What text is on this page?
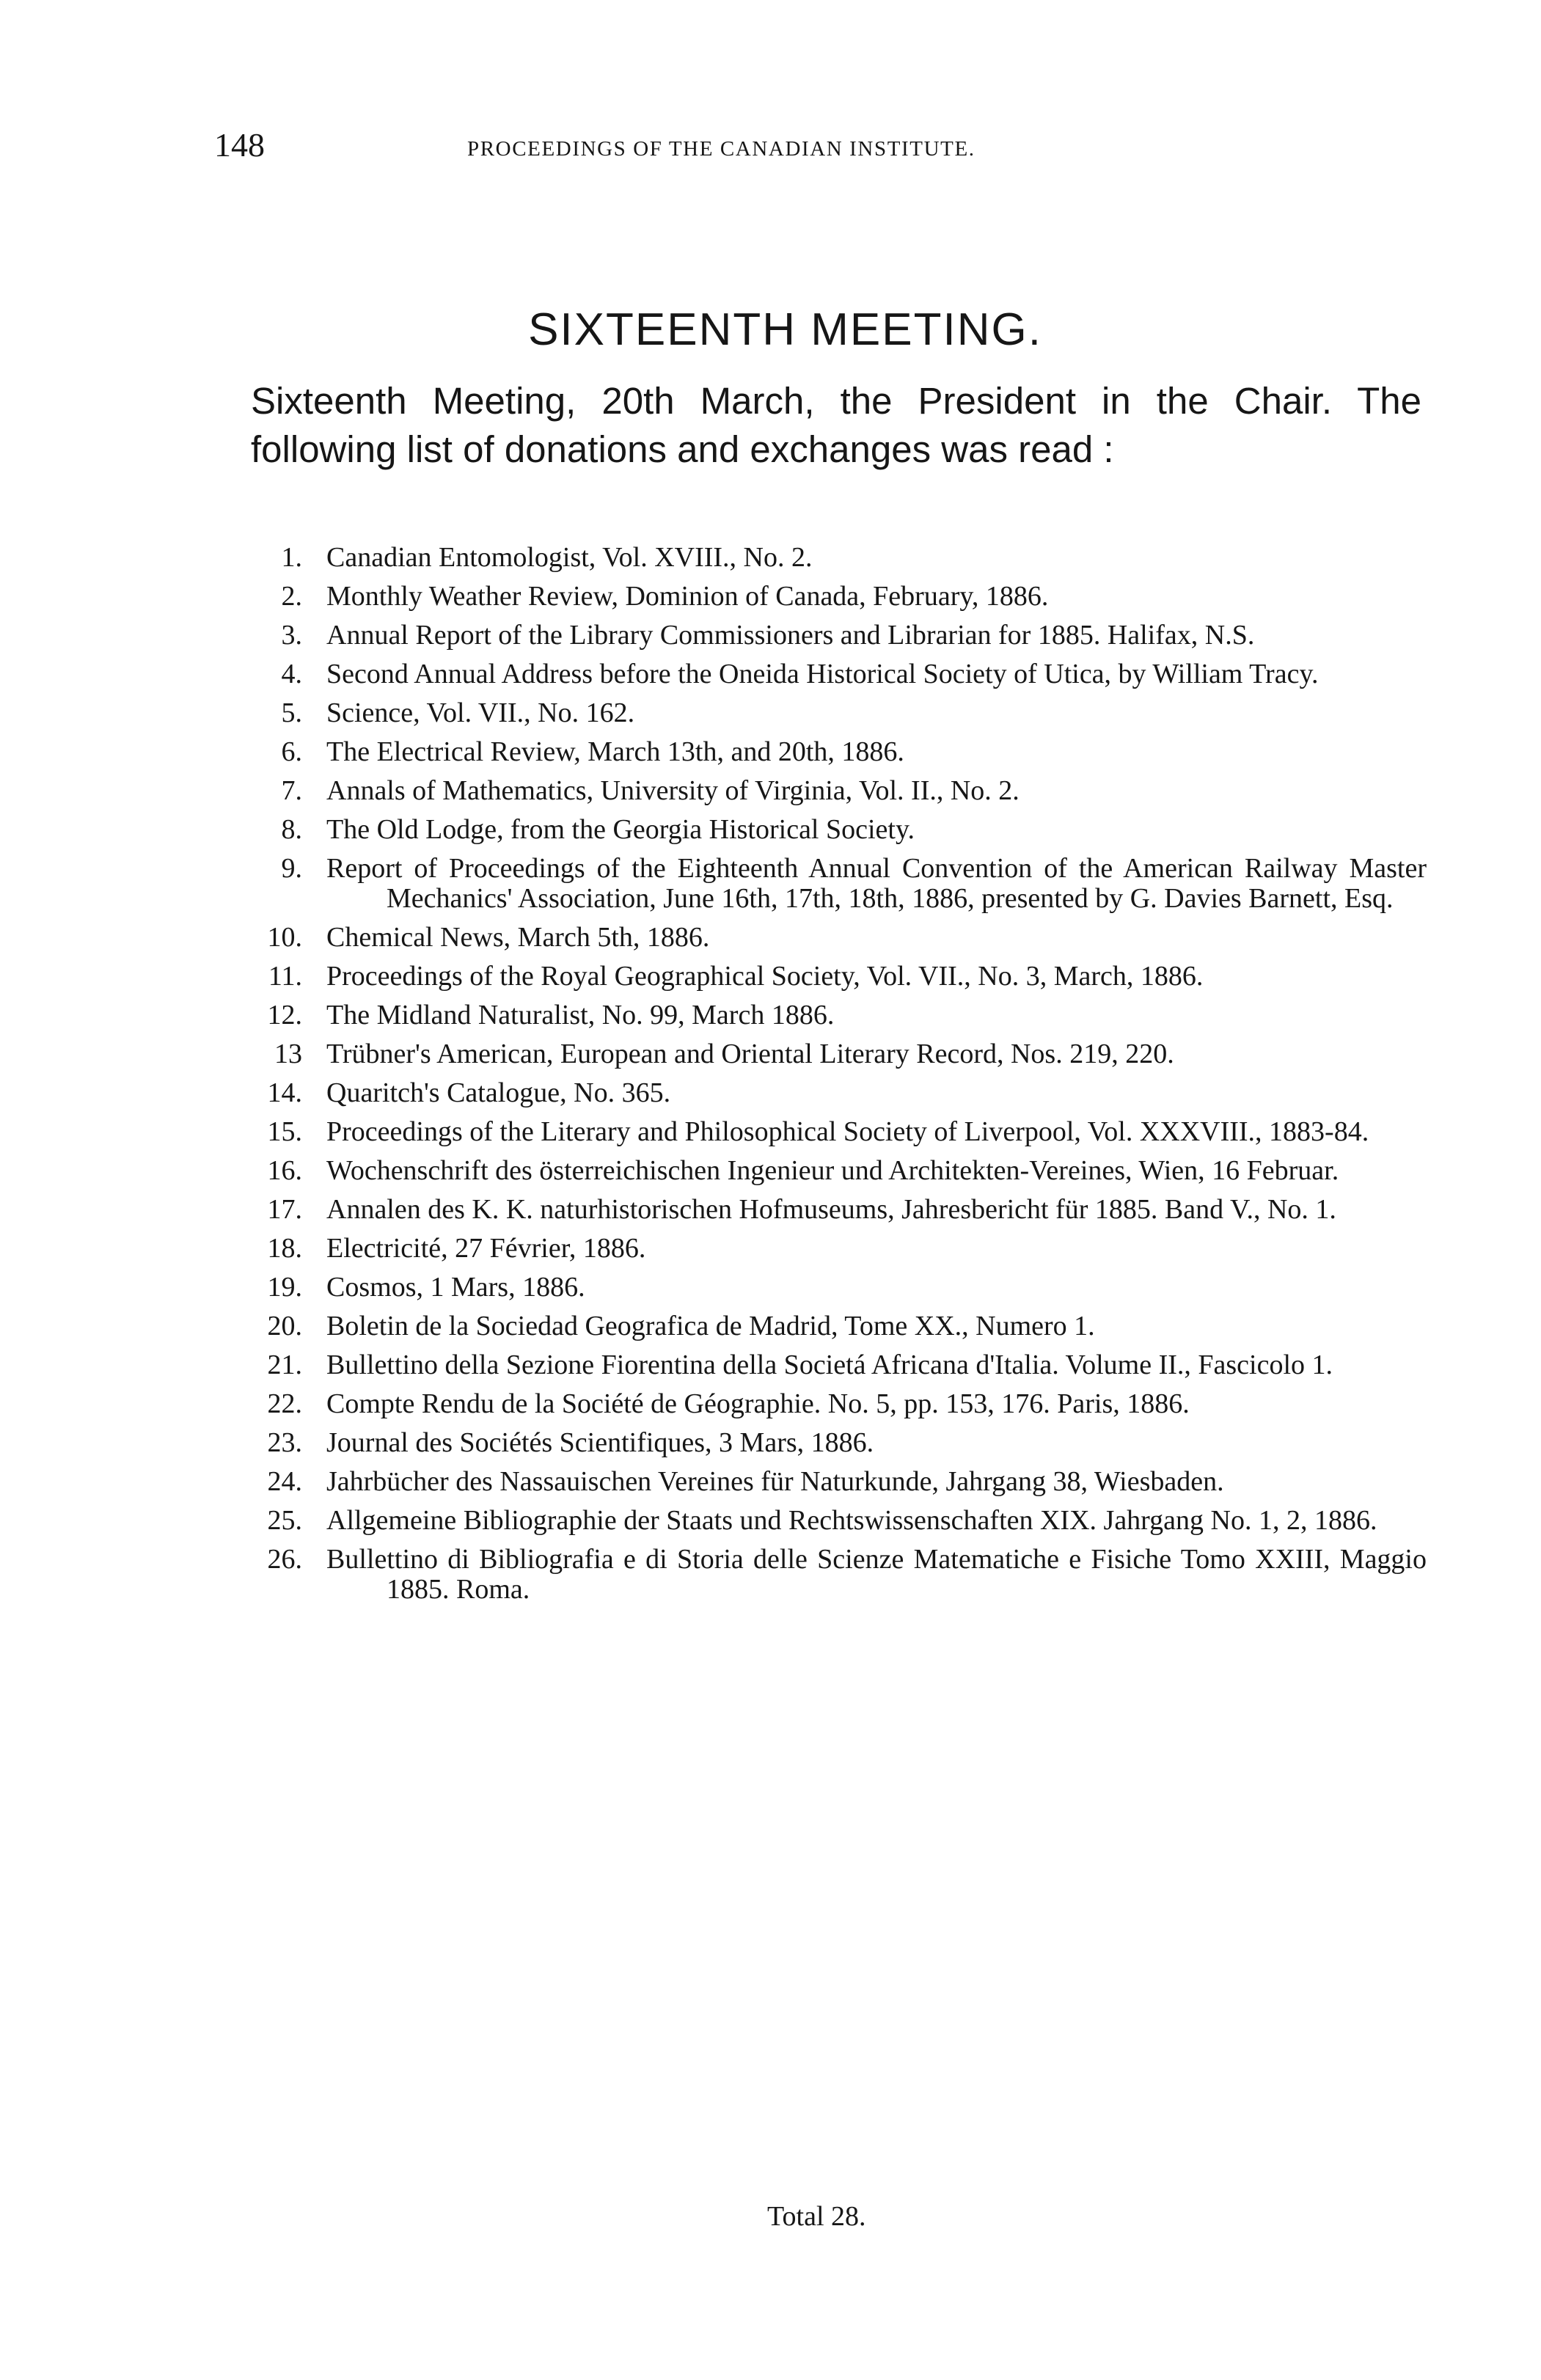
148	PROCEEDINGS OF THE CANADIAN INSTITUTE.
SIXTEENTH MEETING.
Sixteenth Meeting, 20th March, the President in the Chair. The following list of donations and exchanges was read :
1. Canadian Entomologist, Vol. XVIII., No. 2.
2. Monthly Weather Review, Dominion of Canada, February, 1886.
3. Annual Report of the Library Commissioners and Librarian for 1885. Halifax, N.S.
4. Second Annual Address before the Oneida Historical Society of Utica, by William Tracy.
5. Science, Vol. VII., No. 162.
6. The Electrical Review, March 13th, and 20th, 1886.
7. Annals of Mathematics, University of Virginia, Vol. II., No. 2.
8. The Old Lodge, from the Georgia Historical Society.
9. Report of Proceedings of the Eighteenth Annual Convention of the American Railway Master Mechanics' Association, June 16th, 17th, 18th, 1886, presented by G. Davies Barnett, Esq.
10. Chemical News, March 5th, 1886.
11. Proceedings of the Royal Geographical Society, Vol. VII., No. 3, March, 1886.
12. The Midland Naturalist, No. 99, March 1886.
13 Trübner's American, European and Oriental Literary Record, Nos. 219, 220.
14. Quaritch's Catalogue, No. 365.
15. Proceedings of the Literary and Philosophical Society of Liverpool, Vol. XXXVIII., 1883-84.
16. Wochenschrift des österreichischen Ingenieur und Architekten-Vereines, Wien, 16 Februar.
17. Annalen des K. K. naturhistorischen Hofmuseums, Jahresbericht für 1885. Band V., No. 1.
18. Electricité, 27 Février, 1886.
19. Cosmos, 1 Mars, 1886.
20. Boletin de la Sociedad Geografica de Madrid, Tome XX., Numero 1.
21. Bullettino della Sezione Fiorentina della Societá Africana d'Italia. Volume II., Fascicolo 1.
22. Compte Rendu de la Société de Géographie. No. 5, pp. 153, 176. Paris, 1886.
23. Journal des Sociétés Scientifiques, 3 Mars, 1886.
24. Jahrbücher des Nassauischen Vereines für Naturkunde, Jahrgang 38, Wiesbaden.
25. Allgemeine Bibliographie der Staats und Rechtswissenschaften XIX. Jahrgang No. 1, 2, 1886.
26. Bullettino di Bibliografia e di Storia delle Scienze Matematiche e Fisiche Tomo XXIII, Maggio 1885. Roma.
Total 28.
